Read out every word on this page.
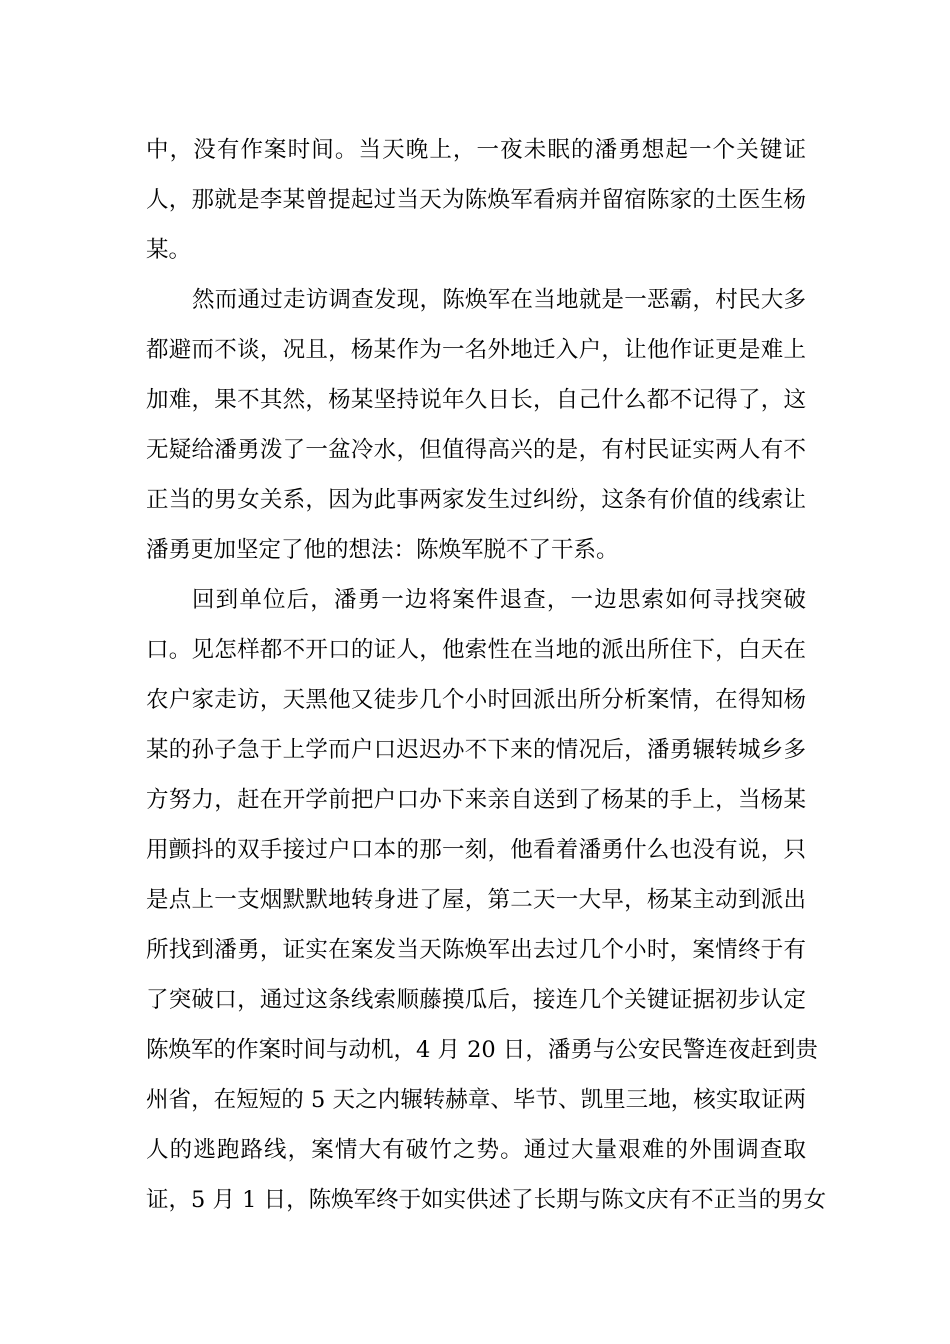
中，没有作案时间。当天晚上，一夜未眠的潘勇想起一个关键证
人，那就是李某曾提起过当天为陈焕军看病并留宿陈家的土医生杨
某。
然而通过走访调查发现，陈焕军在当地就是一恶霸，村民大多
都避而不谈，况且，杨某作为一名外地迁入户，让他作证更是难上
加难，果不其然，杨某坚持说年久日长，自己什么都不记得了，这
无疑给潘勇泼了一盆冷水，但值得高兴的是，有村民证实两人有不
正当的男女关系，因为此事两家发生过纠纷，这条有价值的线索让
潘勇更加坚定了他的想法：陈焕军脱不了干系。
回到单位后，潘勇一边将案件退查，一边思索如何寻找突破
口。见怎样都不开口的证人，他索性在当地的派出所住下，白天在
农户家走访，天黑他又徒步几个小时回派出所分析案情，在得知杨
某的孙子急于上学而户口迟迟办不下来的情况后，潘勇辗转城乡多
方努力，赶在开学前把户口办下来亲自送到了杨某的手上，当杨某
用颤抖的双手接过户口本的那一刻，他看着潘勇什么也没有说，只
是点上一支烟默默地转身进了屋，第二天一大早，杨某主动到派出
所找到潘勇，证实在案发当天陈焕军出去过几个小时，案情终于有
了突破口，通过这条线索顺藤摸瓜后，接连几个关键证据初步认定
陈焕军的作案时间与动机，4 月 20 日，潘勇与公安民警连夜赶到贵
州省，在短短的 5 天之内辗转赫章、毕节、凯里三地，核实取证两
人的逃跑路线，案情大有破竹之势。通过大量艰难的外围调查取
证，5 月 1 日，陈焕军终于如实供述了长期与陈文庆有不正当的男女
